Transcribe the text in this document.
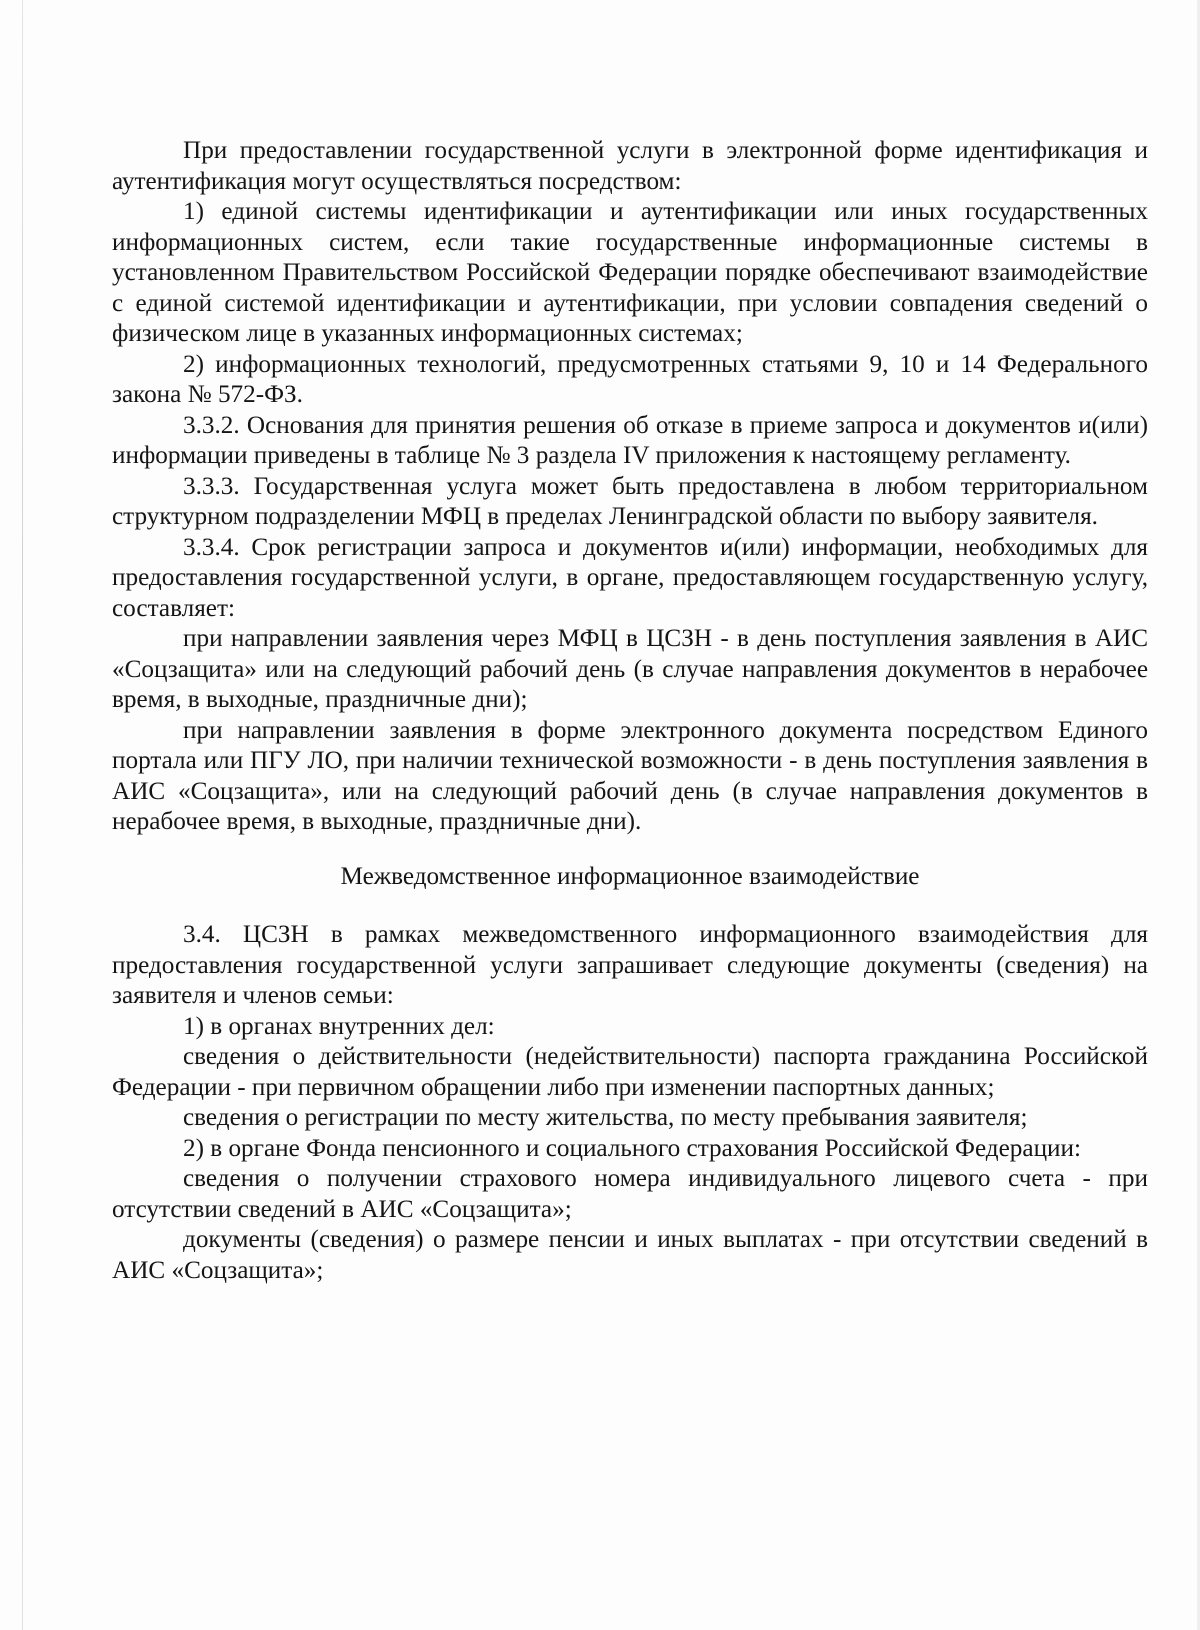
При предоставлении государственной услуги в электронной форме идентификация и аутентификация могут осуществляться посредством:

1) единой системы идентификации и аутентификации или иных государственных информационных систем, если такие государственные информационные системы в установленном Правительством Российской Федерации порядке обеспечивают взаимодействие с единой системой идентификации и аутентификации, при условии совпадения сведений о физическом лице в указанных информационных системах;

2) информационных технологий, предусмотренных статьями 9, 10 и 14 Федерального закона № 572-ФЗ.

3.3.2. Основания для принятия решения об отказе в приеме запроса и документов и(или) информации приведены в таблице № 3 раздела IV приложения к настоящему регламенту.

3.3.3. Государственная услуга может быть предоставлена в любом территориальном структурном подразделении МФЦ в пределах Ленинградской области по выбору заявителя.

3.3.4. Срок регистрации запроса и документов и(или) информации, необходимых для предоставления государственной услуги, в органе, предоставляющем государственную услугу, составляет:

при направлении заявления через МФЦ в ЦСЗН - в день поступления заявления в АИС «Соцзащита» или на следующий рабочий день (в случае направления документов в нерабочее время, в выходные, праздничные дни);

при направлении заявления в форме электронного документа посредством Единого портала или ПГУ ЛО, при наличии технической возможности - в день поступления заявления в АИС «Соцзащита», или на следующий рабочий день (в случае направления документов в нерабочее время, в выходные, праздничные дни).

Межведомственное информационное взаимодействие

3.4. ЦСЗН в рамках межведомственного информационного взаимодействия для предоставления государственной услуги запрашивает следующие документы (сведения) на заявителя и членов семьи:

1) в органах внутренних дел:

сведения о действительности (недействительности) паспорта гражданина Российской Федерации - при первичном обращении либо при изменении паспортных данных;

сведения о регистрации по месту жительства, по месту пребывания заявителя;

2) в органе Фонда пенсионного и социального страхования Российской Федерации:

сведения о получении страхового номера индивидуального лицевого счета - при отсутствии сведений в АИС «Соцзащита»;

документы (сведения) о размере пенсии и иных выплатах - при отсутствии сведений в АИС «Соцзащита»;
